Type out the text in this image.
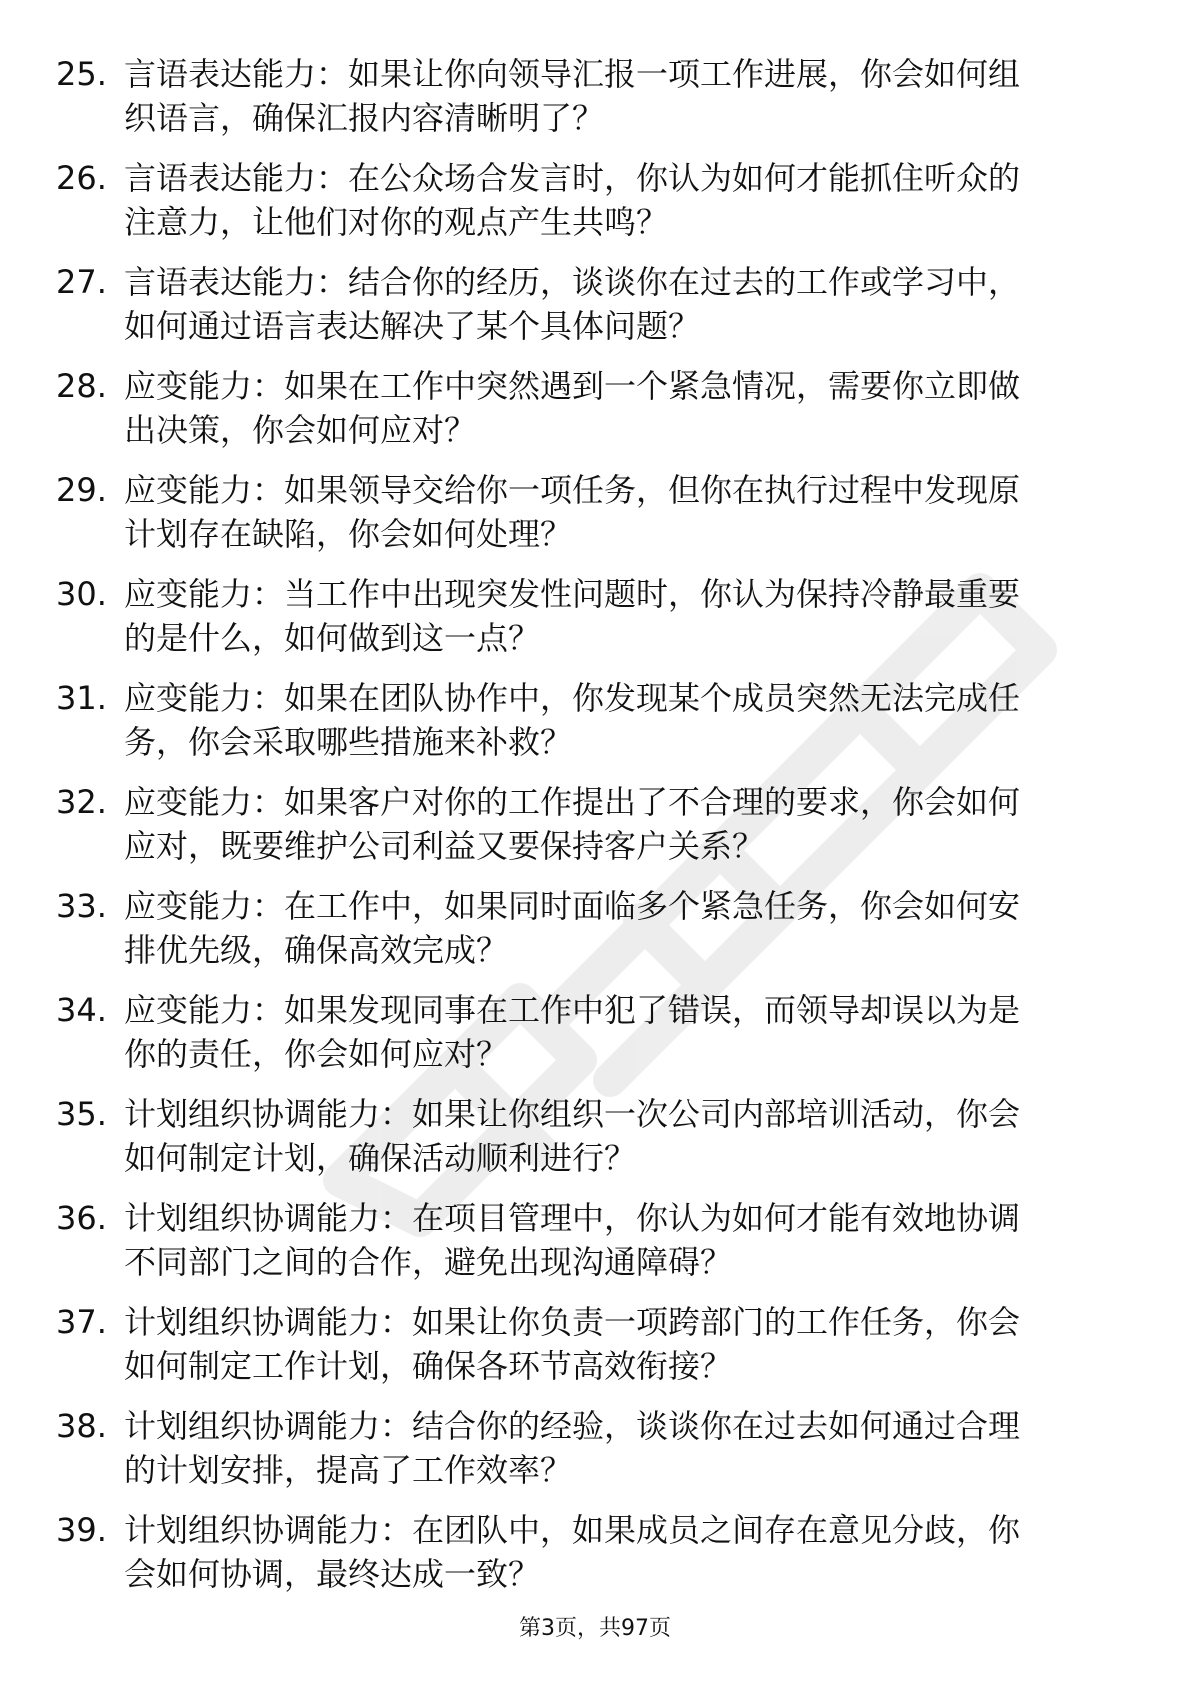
25. 言语表达能力：如果让你向领导汇报一项工作进展，你会如何组
织语言，确保汇报内容清晰明了？
26. 言语表达能力：在公众场合发言时，你认为如何才能抓住听众的
注意力，让他们对你的观点产生共鸣？
27. 言语表达能力：结合你的经历，谈谈你在过去的工作或学习中，
如何通过语言表达解决了某个具体问题？
28. 应变能力：如果在工作中突然遇到一个紧急情况，需要你立即做
出决策，你会如何应对？
29. 应变能力：如果领导交给你一项任务，但你在执行过程中发现原
计划存在缺陷，你会如何处理？
30. 应变能力：当工作中出现突发性问题时，你认为保持冷静最重要
的是什么，如何做到这一点？
31. 应变能力：如果在团队协作中，你发现某个成员突然无法完成任
务，你会采取哪些措施来补救？
32. 应变能力：如果客户对你的工作提出了不合理的要求，你会如何
应对，既要维护公司利益又要保持客户关系？
33. 应变能力：在工作中，如果同时面临多个紧急任务，你会如何安
排优先级，确保高效完成？
34. 应变能力：如果发现同事在工作中犯了错误，而领导却误以为是
你的责任，你会如何应对？
35. 计划组织协调能力：如果让你组织一次公司内部培训活动，你会
如何制定计划，确保活动顺利进行？
36. 计划组织协调能力：在项目管理中，你认为如何才能有效地协调
不同部门之间的合作，避免出现沟通障碍？
37. 计划组织协调能力：如果让你负责一项跨部门的工作任务，你会
如何制定工作计划，确保各环节高效衔接？
38. 计划组织协调能力：结合你的经验，谈谈你在过去如何通过合理
的计划安排，提高了工作效率？
39. 计划组织协调能力：在团队中，如果成员之间存在意见分歧，你
会如何协调，最终达成一致？
第3页，共97页
